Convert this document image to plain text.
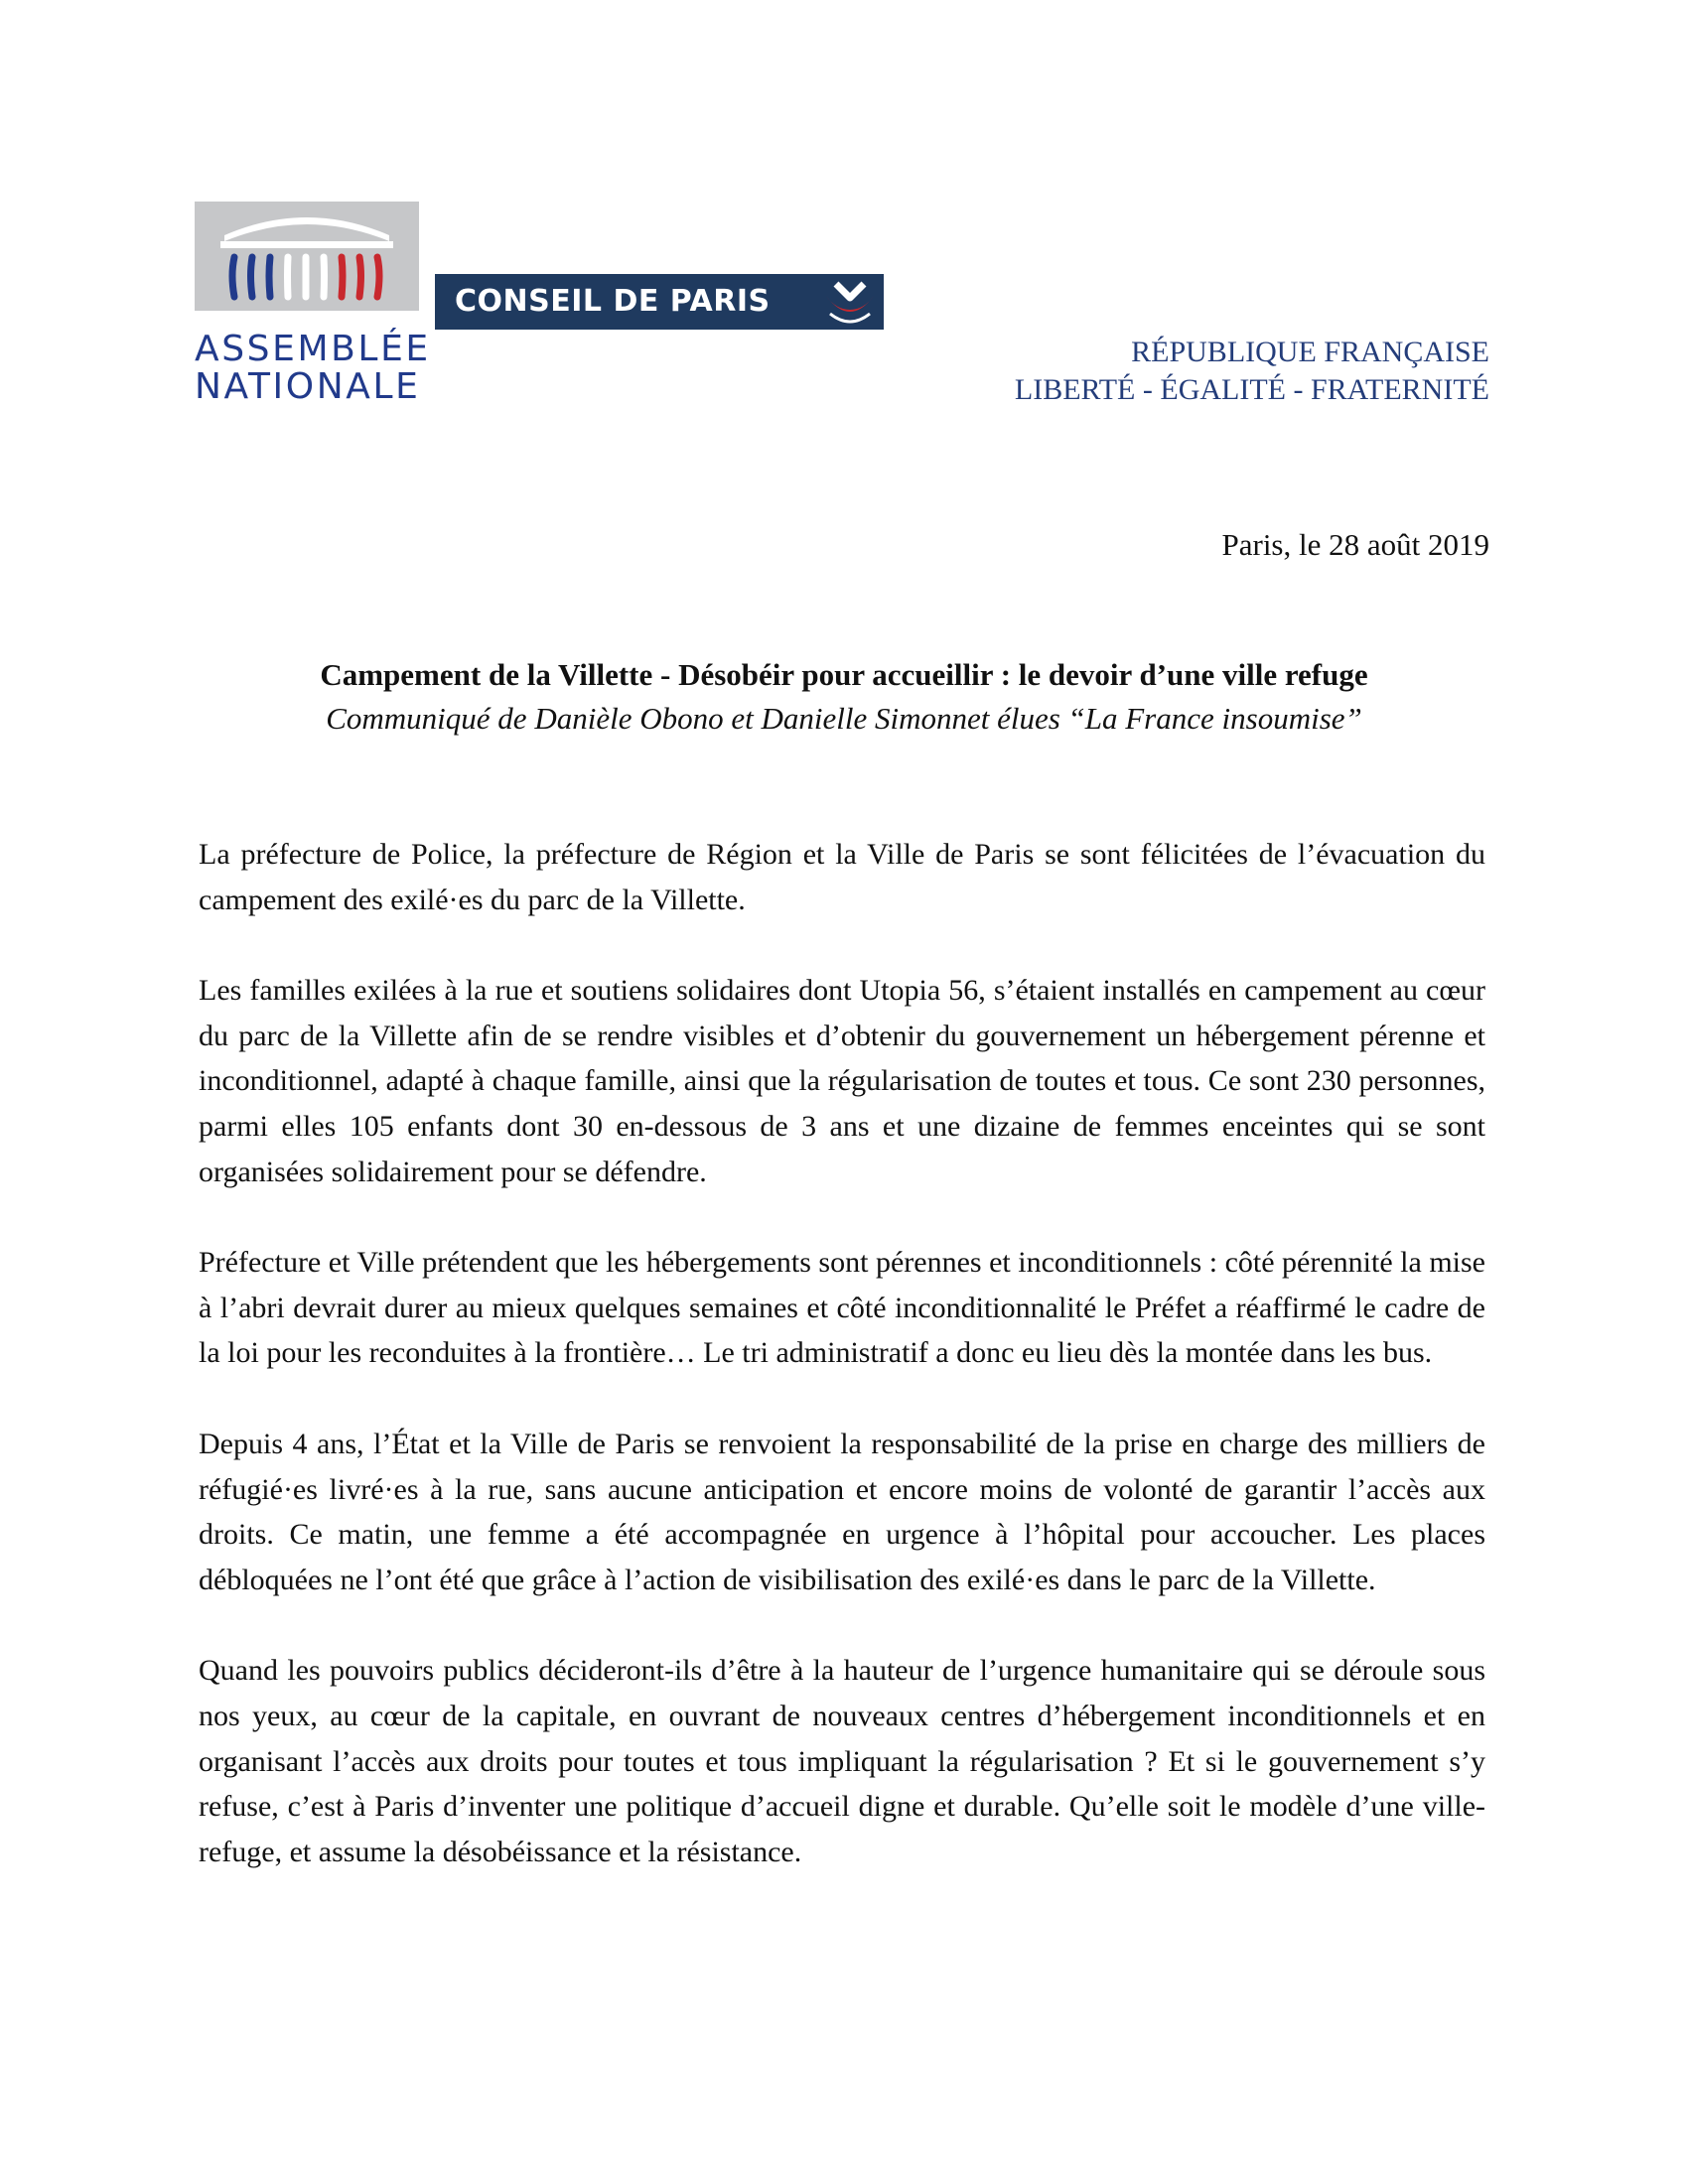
ASSEMBLÉE
NATIONALE
CONSEIL DE PARIS
RÉPUBLIQUE FRANÇAISE
LIBERTÉ - ÉGALITÉ - FRATERNITÉ
Paris, le 28 août 2019
Campement de la Villette - Désobéir pour accueillir : le devoir d’une ville refuge
Communiqué de Danièle Obono et Danielle Simonnet élues “La France insoumise”

La préfecture de Police, la préfecture de Région et la Ville de Paris se sont félicitées de l’évacuation du campement des exilé·es du parc de la Villette.

Les familles exilées à la rue et soutiens solidaires dont Utopia 56, s’étaient installés en campement au cœur du parc de la Villette afin de se rendre visibles et d’obtenir du gouvernement un hébergement pérenne et inconditionnel, adapté à chaque famille, ainsi que la régularisation de toutes et tous. Ce sont 230 personnes, parmi elles 105 enfants dont 30 en-dessous de 3 ans et une dizaine de femmes enceintes qui se sont organisées solidairement pour se défendre.

Préfecture et Ville prétendent que les hébergements sont pérennes et inconditionnels : côté pérennité la mise à l’abri devrait durer au mieux quelques semaines et côté inconditionnalité le Préfet a réaffirmé le cadre de la loi pour les reconduites à la frontière… Le tri administratif a donc eu lieu dès la montée dans les bus.

Depuis 4 ans, l’État et la Ville de Paris se renvoient la responsabilité de la prise en charge des milliers de réfugié·es livré·es à la rue, sans aucune anticipation et encore moins de volonté de garantir l’accès aux droits. Ce matin, une femme a été accompagnée en urgence à l’hôpital pour accoucher. Les places débloquées ne l’ont été que grâce à l’action de visibilisation des exilé·es dans le parc de la Villette.

Quand les pouvoirs publics décideront-ils d’être à la hauteur de l’urgence humanitaire qui se déroule sous nos yeux, au cœur de la capitale, en ouvrant de nouveaux centres d’hébergement inconditionnels et en organisant l’accès aux droits pour toutes et tous impliquant la régularisation ? Et si le gouvernement s’y refuse, c’est à Paris d’inventer une politique d’accueil digne et durable. Qu’elle soit le modèle d’une ville-refuge, et assume la désobéissance et la résistance.
